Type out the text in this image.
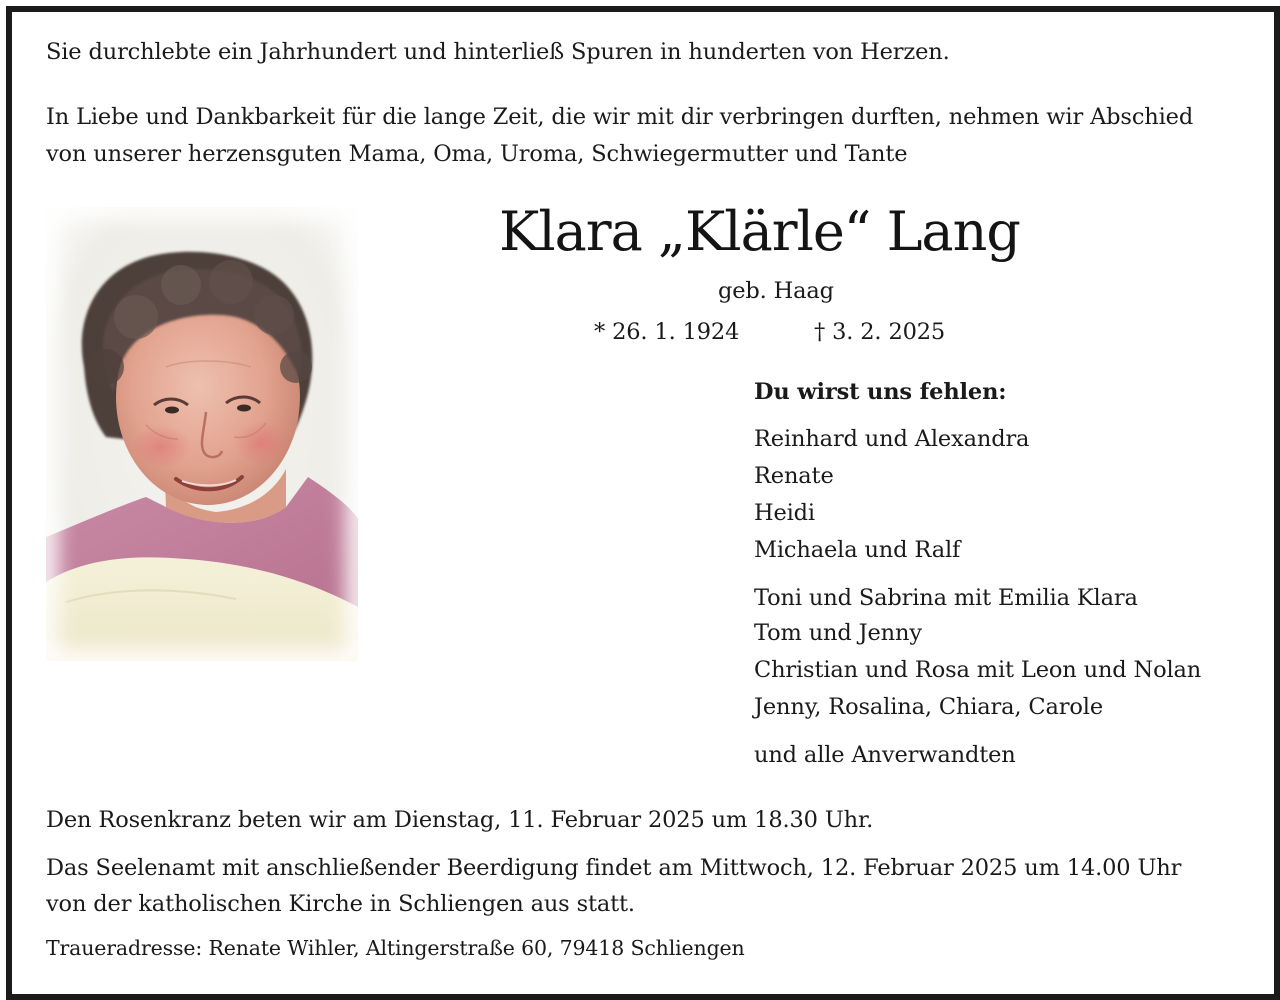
Sie durchlebte ein Jahrhundert und hinterließ Spuren in hunderten von Herzen.
In Liebe und Dankbarkeit für die lange Zeit, die wir mit dir verbringen durften, nehmen wir Abschied
von unserer herzensguten Mama, Oma, Uroma, Schwiegermutter und Tante
Klara „Klärle“ Lang
geb. Haag
* 26. 1. 1924	† 3. 2. 2025
Du wirst uns fehlen:
Reinhard und Alexandra
Renate
Heidi
Michaela und Ralf
Toni und Sabrina mit Emilia Klara
Tom und Jenny
Christian und Rosa mit Leon und Nolan
Jenny, Rosalina, Chiara, Carole
und alle Anverwandten
Den Rosenkranz beten wir am Dienstag, 11. Februar 2025 um 18.30 Uhr.
Das Seelenamt mit anschließender Beerdigung findet am Mittwoch, 12. Februar 2025 um 14.00 Uhr
von der katholischen Kirche in Schliengen aus statt.
Traueradresse: Renate Wihler, Altingerstraße 60, 79418 Schliengen
